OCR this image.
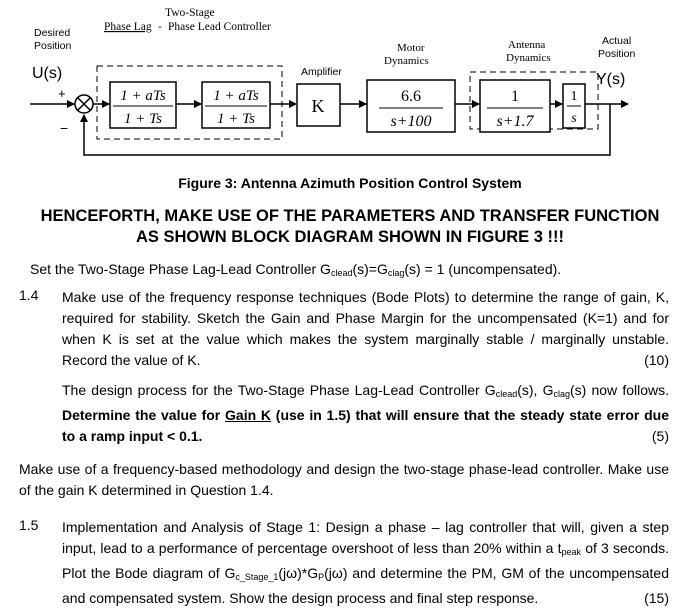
Desired
Position
Two-Stage
Phase Lag - Phase Lead Controller
Amplifier
Motor
Dynamics
Antenna
Dynamics
Actual
Position
U(s)	Y(s)
+
−
1 + aTs
1 + Ts
1 + aTs
1 + Ts
K	6.6
s+100
1
s+1.7
1
s
Figure 3: Antenna Azimuth Position Control System
HENCEFORTH, MAKE USE OF THE PARAMETERS AND TRANSFER FUNCTION
AS SHOWN BLOCK DIAGRAM SHOWN IN FIGURE 3 !!!
Set the Two-Stage Phase Lag-Lead Controller $G_{clead}(s)=G_{clag}(s) = 1$ (uncompensated).
1.4 Make use of the frequency response techniques (Bode Plots) to determine the range of gain, K, required for stability. Sketch the Gain and Phase Margin for the uncompensated (K=1) and for when K is set at the value which makes the system marginally stable / marginally unstable. Record the value of K.	(10)
The design process for the Two-Stage Phase Lag-Lead Controller $G_{clead}(s)$, $G_{clag}(s)$ now follows. Determine the value for Gain K (use in 1.5) that will ensure that the steady state error due to a ramp input < 0.1.	(5)
Make use of a frequency-based methodology and design the two-stage phase-lead controller. Make use of the gain K determined in Question 1.4.
1.5 Implementation and Analysis of Stage 1: Design a phase – lag controller that will, given a step input, lead to a performance of percentage overshoot of less than 20% within a $t_{peak}$ of 3 seconds. Plot the Bode diagram of $G_{c\_Stage\_1}(j\omega)*G_P(j\omega)$ and determine the PM, GM of the uncompensated and compensated system. Show the design process and final step response.	(15)
